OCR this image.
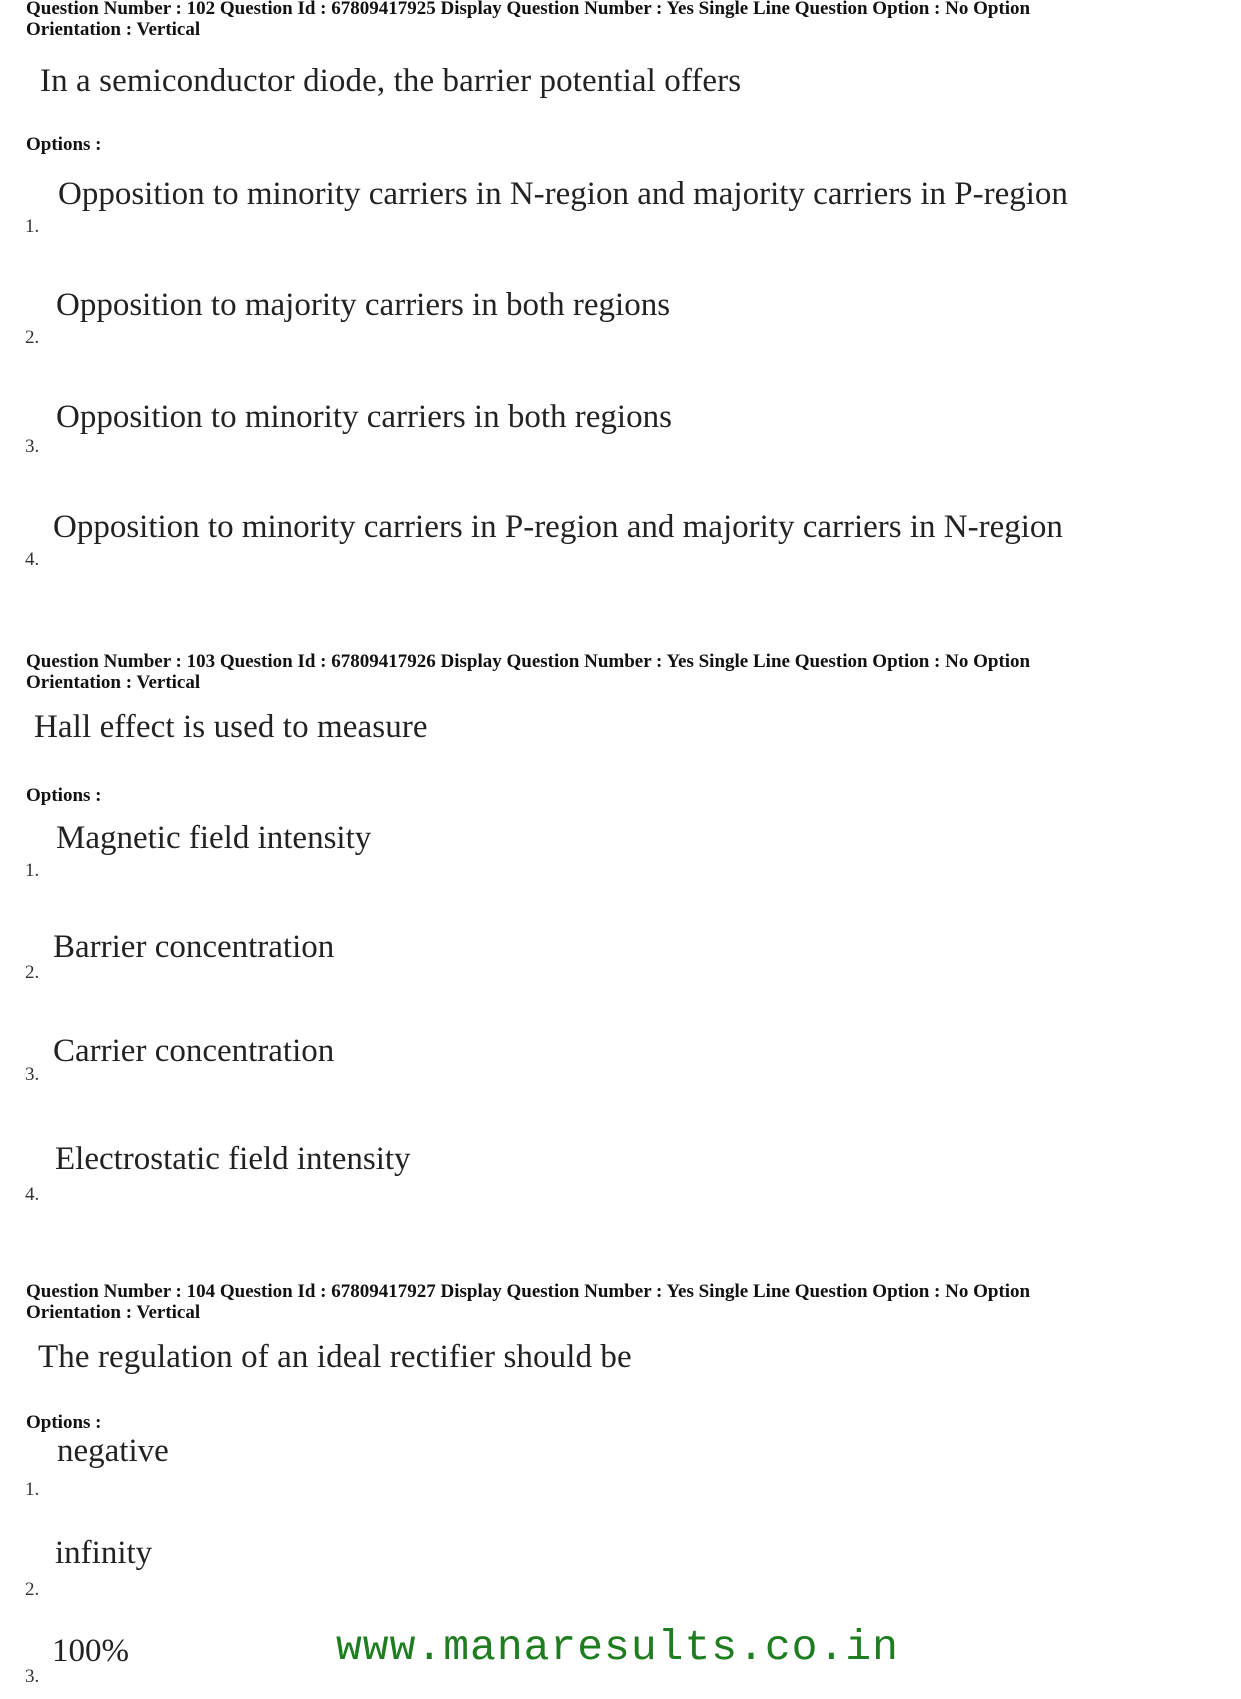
Question Number : 102 Question Id : 67809417925 Display Question Number : Yes Single Line Question Option : No Option
Orientation : Vertical
In a semiconductor diode, the barrier potential offers
Options :
1.
Opposition to minority carriers in N-region and majority carriers in P-region
2.
Opposition to majority carriers in both regions
3.
Opposition to minority carriers in both regions
4.
Opposition to minority carriers in P-region and majority carriers in N-region
Question Number : 103 Question Id : 67809417926 Display Question Number : Yes Single Line Question Option : No Option
Orientation : Vertical
Hall effect is used to measure
Options :
1.
Magnetic field intensity
2.
Barrier concentration
3.
Carrier concentration
4.
Electrostatic field intensity
Question Number : 104 Question Id : 67809417927 Display Question Number : Yes Single Line Question Option : No Option
Orientation : Vertical
The regulation of an ideal rectifier should be
Options :
1.
negative
2.
infinity
3.
100%	www.manaresults.co.in
